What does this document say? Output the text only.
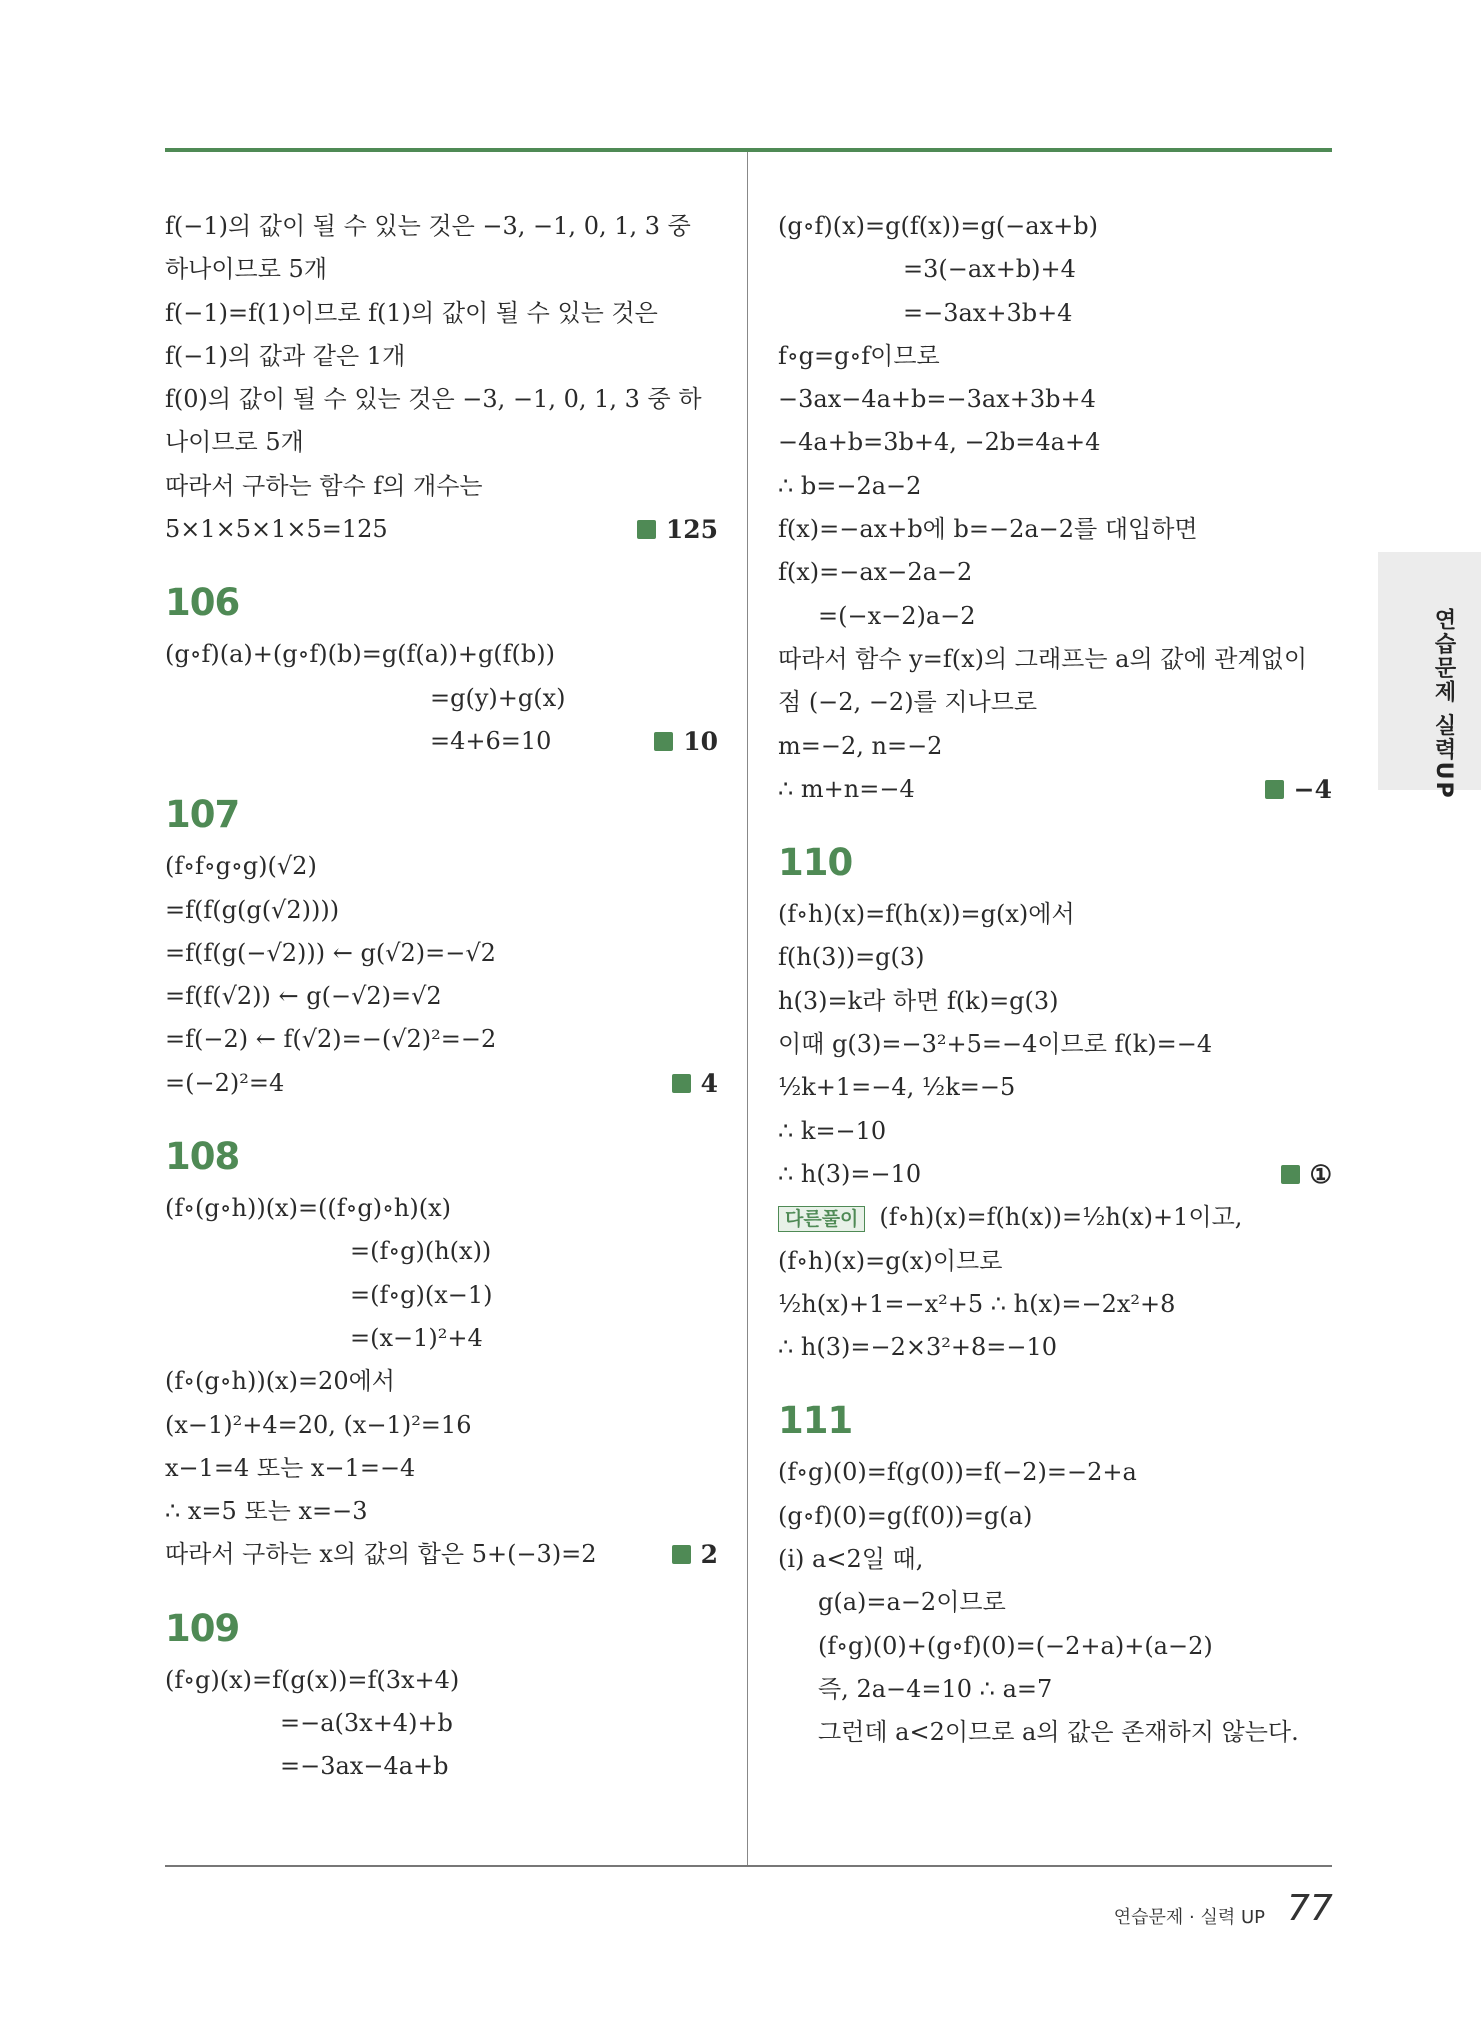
f(−1)의 값이 될 수 있는 것은 −3, −1, 0, 1, 3 중
하나이므로 5개
f(−1)=f(1)이므로 f(1)의 값이 될 수 있는 것은
f(−1)의 값과 같은 1개
f(0)의 값이 될 수 있는 것은 −3, −1, 0, 1, 3 중 하
나이므로 5개
따라서 구하는 함수 f의 개수는
5×1×5×1×5=125	125
106
(g∘f)(a)+(g∘f)(b)=g(f(a))+g(f(b))
=g(y)+g(x)
=4+6=10	10
107
(f∘f∘g∘g)(√2)
=f(f(g(g(√2))))
=f(f(g(−√2))) ← g(√2)=−√2
=f(f(√2)) ← g(−√2)=√2
=f(−2) ← f(√2)=−(√2)²=−2
=(−2)²=4	4
108
(f∘(g∘h))(x)=((f∘g)∘h)(x)
=(f∘g)(h(x))
=(f∘g)(x−1)
=(x−1)²+4
(f∘(g∘h))(x)=20에서
(x−1)²+4=20, (x−1)²=16
x−1=4 또는 x−1=−4
∴ x=5 또는 x=−3
따라서 구하는 x의 값의 합은 5+(−3)=2	2
109
(f∘g)(x)=f(g(x))=f(3x+4)
=−a(3x+4)+b
=−3ax−4a+b
(g∘f)(x)=g(f(x))=g(−ax+b)
=3(−ax+b)+4
=−3ax+3b+4
f∘g=g∘f이므로
−3ax−4a+b=−3ax+3b+4
−4a+b=3b+4, −2b=4a+4
∴ b=−2a−2
f(x)=−ax+b에 b=−2a−2를 대입하면
f(x)=−ax−2a−2
=(−x−2)a−2
따라서 함수 y=f(x)의 그래프는 a의 값에 관계없이
점 (−2, −2)를 지나므로
m=−2, n=−2
∴ m+n=−4	−4
110
(f∘h)(x)=f(h(x))=g(x)에서
f(h(3))=g(3)
h(3)=k라 하면 f(k)=g(3)
이때 g(3)=−3²+5=−4이므로 f(k)=−4
½k+1=−4, ½k=−5
∴ k=−10
∴ h(3)=−10	①
다른풀이 (f∘h)(x)=f(h(x))=½h(x)+1이고,
(f∘h)(x)=g(x)이므로
½h(x)+1=−x²+5 ∴ h(x)=−2x²+8
∴ h(3)=−2×3²+8=−10
111
(f∘g)(0)=f(g(0))=f(−2)=−2+a
(g∘f)(0)=g(f(0))=g(a)
(i) a<2일 때,
g(a)=a−2이므로
(f∘g)(0)+(g∘f)(0)=(−2+a)+(a−2)
즉, 2a−4=10 ∴ a=7
그런데 a<2이므로 a의 값은 존재하지 않는다.
연습문제 실력UP
연습문제 · 실력 UP 77
